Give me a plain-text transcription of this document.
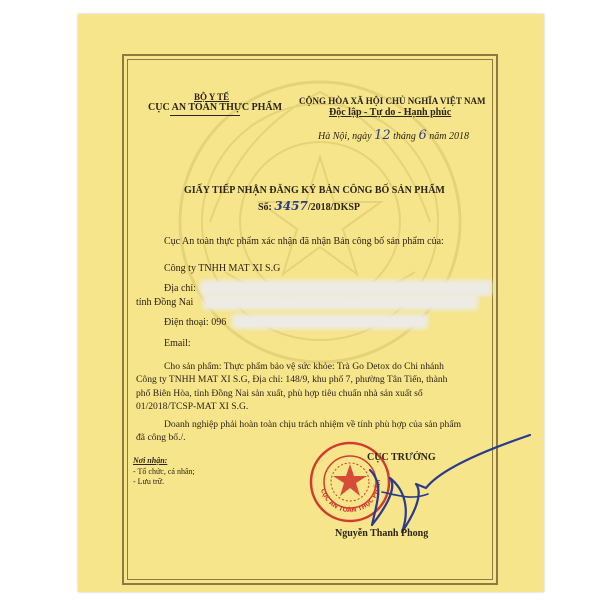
BỘ Y TẾ
CỤC AN TOÀN THỰC PHẨM
CỘNG HÒA XÃ HỘI CHỦ NGHĨA VIỆT NAM
Độc lập - Tự do - Hạnh phúc
Hà Nội, ngày 12 tháng 6 năm 2018
GIẤY TIẾP NHẬN ĐĂNG KÝ BẢN CÔNG BỐ SẢN PHẨM
Số: 3457/2018/DKSP
Cục An toàn thực phẩm xác nhận đã nhận Bản công bố sản phẩm của:
Công ty TNHH MAT XI S.G
Địa chỉ:
tỉnh Đồng Nai
Điện thoại: 096
Email:
Cho sản phẩm: Thực phẩm bảo vệ sức khỏe: Trà Go Detox do Chi nhánh
Công ty TNHH MAT XI S.G, Địa chỉ: 148/9, khu phố 7, phường Tân Tiến, thành
phố Biên Hòa, tỉnh Đồng Nai sản xuất, phù hợp tiêu chuẩn nhà sản xuất số
01/2018/TCSP-MAT XI S.G.
Doanh nghiệp phải hoàn toàn chịu trách nhiệm về tính phù hợp của sản phẩm
đã công bố./.
Nơi nhận:
- Tổ chức, cá nhân;
- Lưu trữ.
CỤC AN TOÀN THỰC PHẨM
CỤC TRƯỞNG
Nguyễn Thanh Phong
